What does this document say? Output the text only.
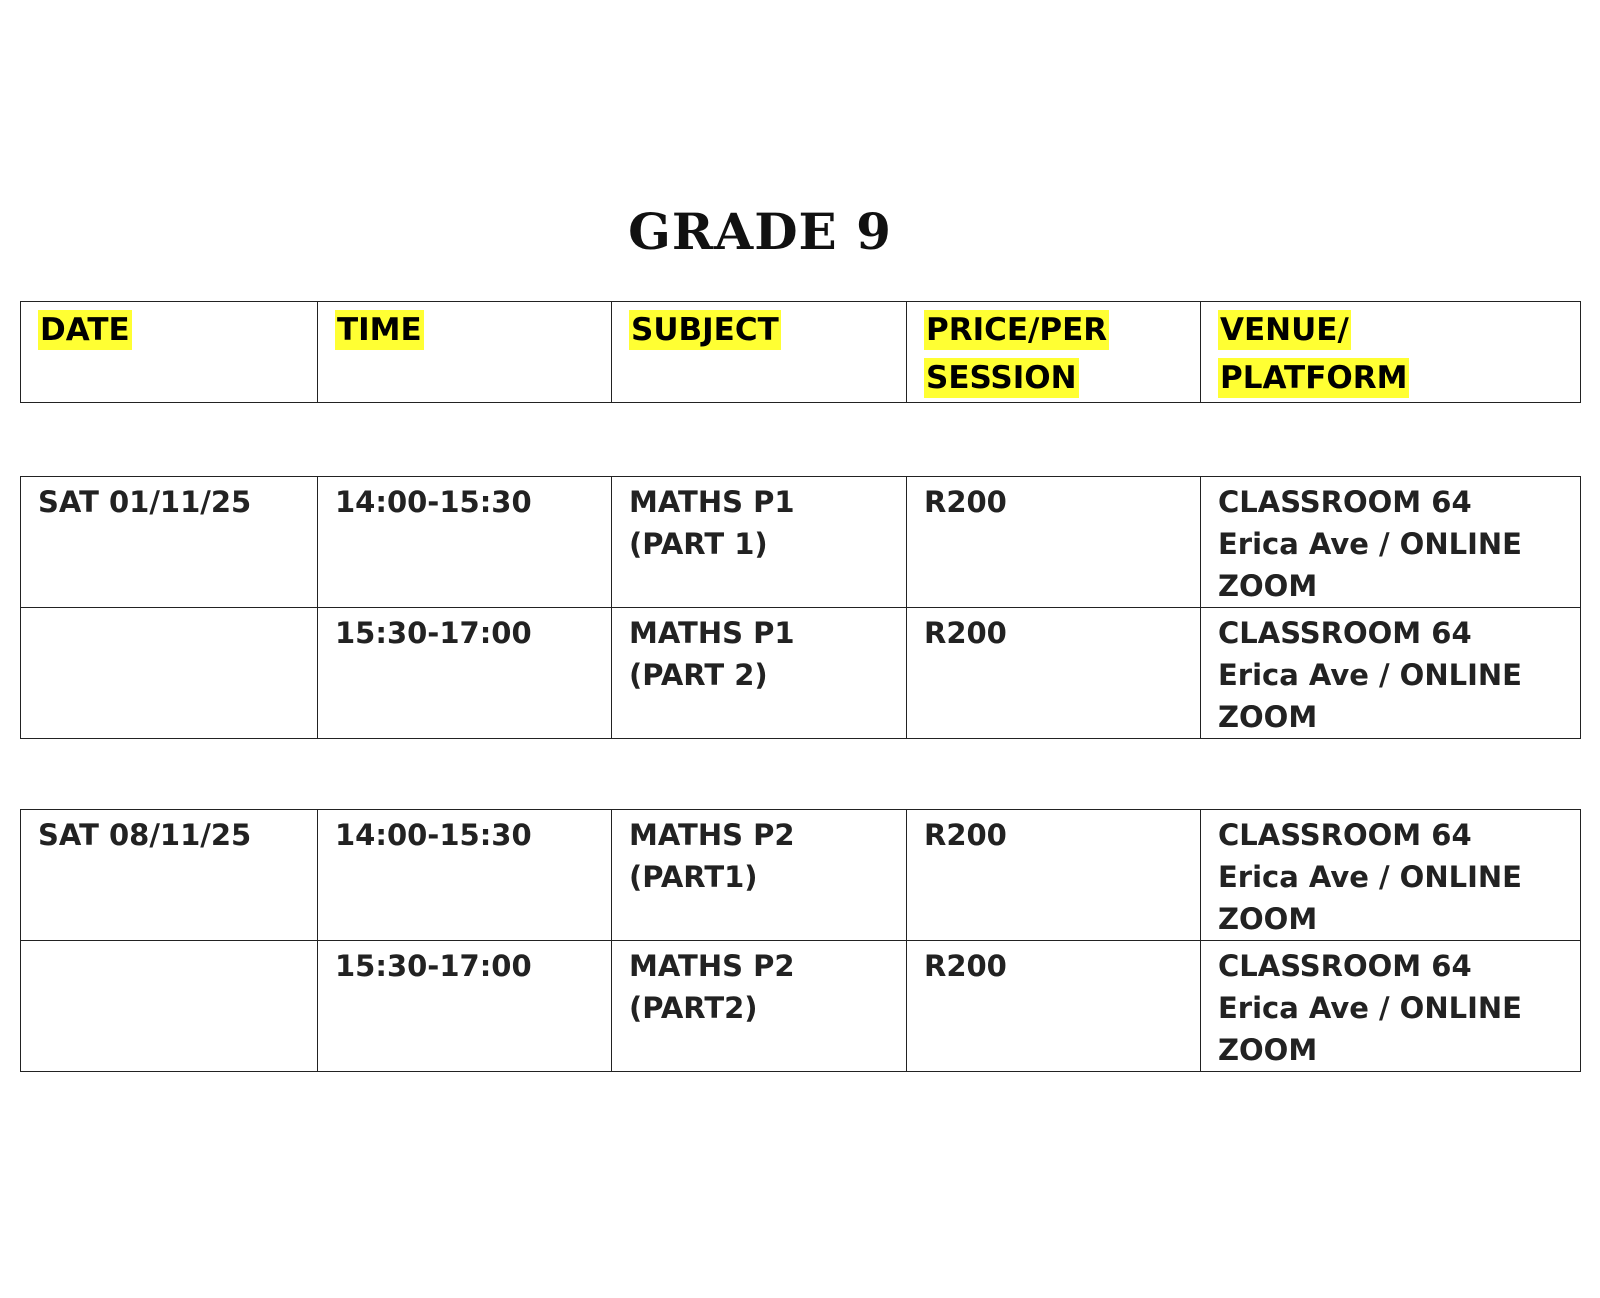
GRADE 9
DATE	TIME	SUBJECT	PRICE/PER
SESSION	VENUE/
PLATFORM
SAT 01/11/25	14:00-15:30	MATHS P1
(PART 1)	R200	CLASSROOM 64
Erica Ave / ONLINE
ZOOM
	15:30-17:00	MATHS P1
(PART 2)	R200	CLASSROOM 64
Erica Ave / ONLINE
ZOOM
SAT 08/11/25	14:00-15:30	MATHS P2
(PART1)	R200	CLASSROOM 64
Erica Ave / ONLINE
ZOOM
	15:30-17:00	MATHS P2
(PART2)	R200	CLASSROOM 64
Erica Ave / ONLINE
ZOOM
